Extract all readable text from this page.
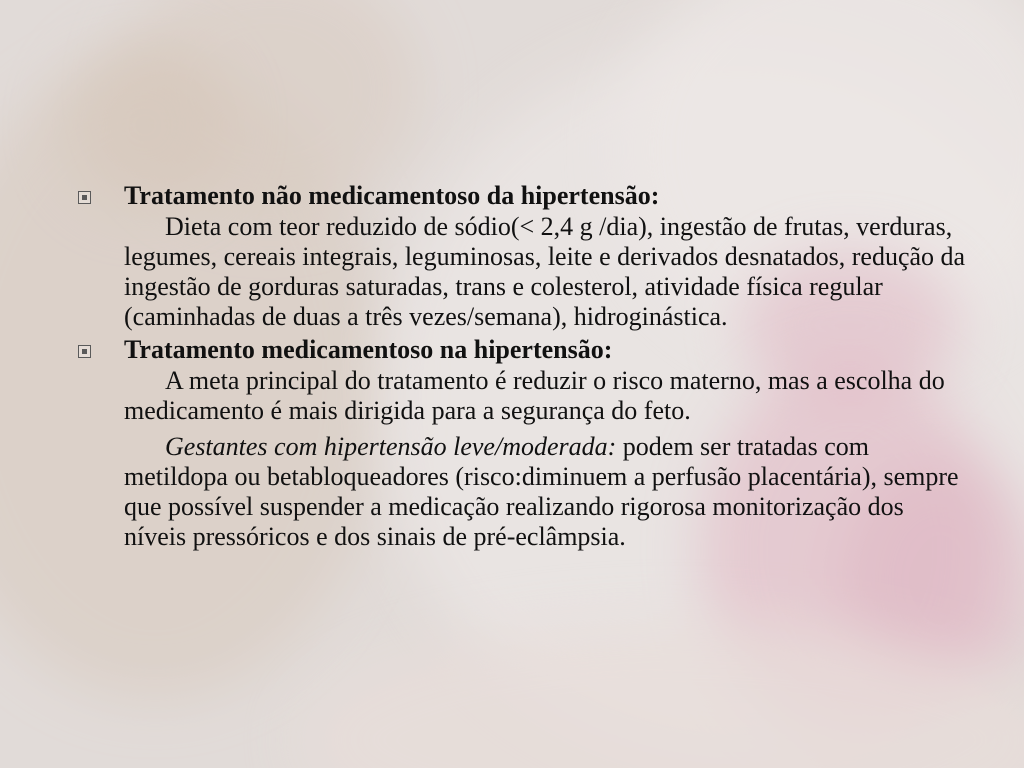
Tratamento não medicamentoso da hipertensão:

Dieta com teor reduzido de sódio(< 2,4 g /dia), ingestão de frutas, verduras, legumes, cereais integrais, leguminosas, leite e derivados desnatados, redução da ingestão de gorduras saturadas, trans e colesterol, atividade física regular (caminhadas de duas a três vezes/semana), hidroginástica.

Tratamento medicamentoso na hipertensão:

A meta principal do tratamento é reduzir o risco materno, mas a escolha do medicamento é mais dirigida para a segurança do feto.

Gestantes com hipertensão leve/moderada: podem ser tratadas com metildopa ou betabloqueadores (risco:diminuem a perfusão placentária), sempre que possível suspender a medicação realizando rigorosa monitorização dos níveis pressóricos e dos sinais de pré-eclâmpsia.
